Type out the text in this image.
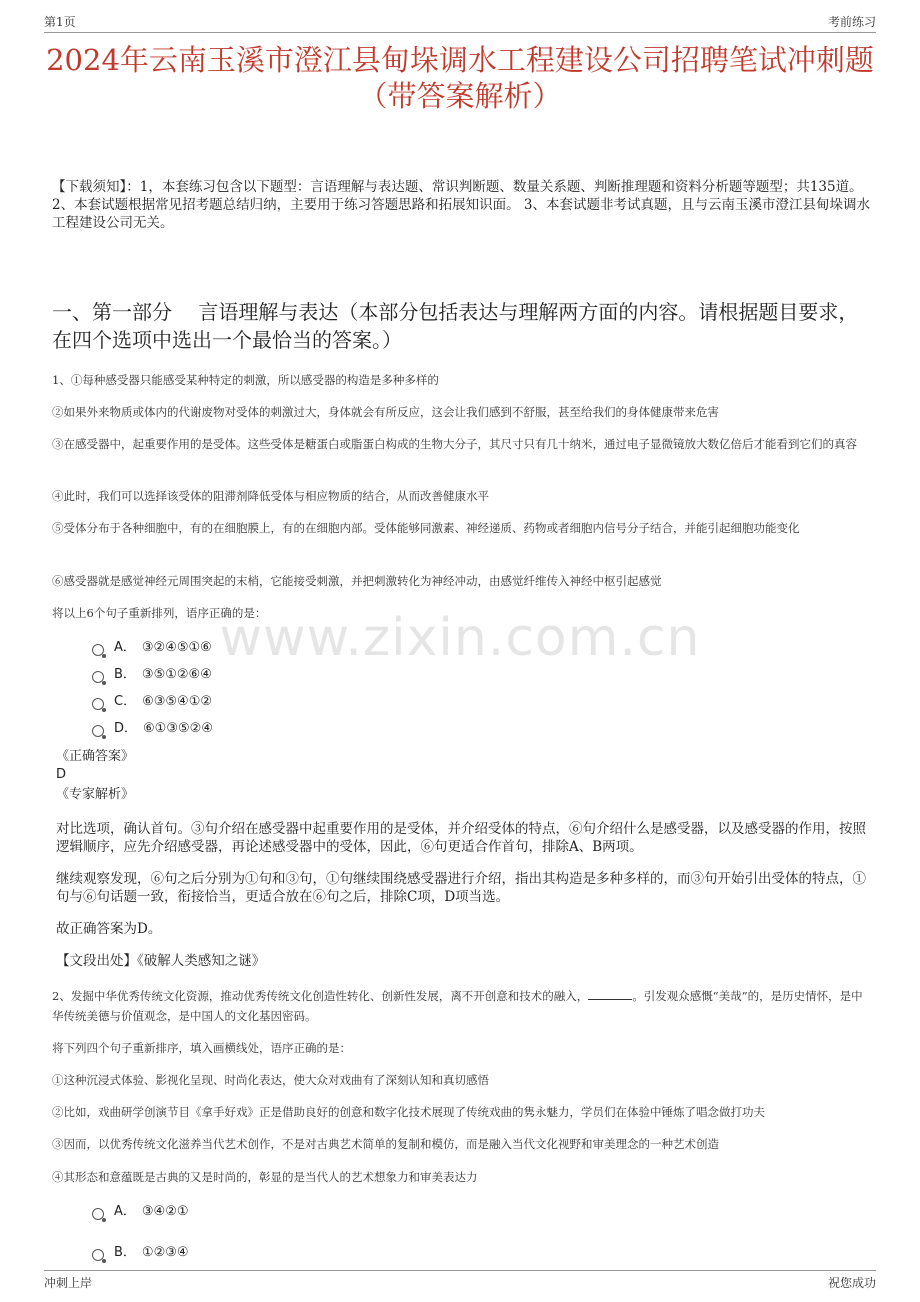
第1页	考前练习
2024年云南玉溪市澄江县甸垛调水工程建设公司招聘笔试冲刺题（带答案解析）
【下载须知】：1，本套练习包含以下题型：言语理解与表达题、常识判断题、数量关系题、判断推理题和资料分析题等题型；共135道。 2、本套试题根据常见招考题总结归纳，主要用于练习答题思路和拓展知识面。 3、本套试题非考试真题，且与云南玉溪市澄江县甸垛调水工程建设公司无关。
一、第一部分　 言语理解与表达（本部分包括表达与理解两方面的内容。请根据题目要求，在四个选项中选出一个最恰当的答案。）
www.zixin.com.cn
1、①每种感受器只能感受某种特定的刺激，所以感受器的构造是多种多样的
②如果外来物质或体内的代谢废物对受体的刺激过大，身体就会有所反应，这会让我们感到不舒服，甚至给我们的身体健康带来危害
③在感受器中，起重要作用的是受体。这些受体是糖蛋白或脂蛋白构成的生物大分子，其尺寸只有几十纳米，通过电子显微镜放大数亿倍后才能看到它们的真容
④此时，我们可以选择该受体的阻滞剂降低受体与相应物质的结合，从而改善健康水平
⑤受体分布于各种细胞中，有的在细胞膜上，有的在细胞内部。受体能够同激素、神经递质、药物或者细胞内信号分子结合，并能引起细胞功能变化
⑥感受器就是感觉神经元周围突起的末梢，它能接受刺激，并把刺激转化为神经冲动，由感觉纤维传入神经中枢引起感觉
将以上6个句子重新排列，语序正确的是：
A． ③②④⑤①⑥
B． ③⑤①②⑥④
C． ⑥③⑤④①②
D． ⑥①③⑤②④
《正确答案》
D
《专家解析》
对比选项，确认首句。③句介绍在感受器中起重要作用的是受体，并介绍受体的特点，⑥句介绍什么是感受器，以及感受器的作用，按照逻辑顺序，应先介绍感受器，再论述感受器中的受体，因此，⑥句更适合作首句，排除A、B两项。
继续观察发现，⑥句之后分别为①句和③句，①句继续围绕感受器进行介绍，指出其构造是多种多样的，而③句开始引出受体的特点，①句与⑥句话题一致，衔接恰当，更适合放在⑥句之后，排除C项，D项当选。
故正确答案为D。
【文段出处】《破解人类感知之谜》
2、发掘中华优秀传统文化资源，推动优秀传统文化创造性转化、创新性发展，离不开创意和技术的融入，	。引发观众感慨“美哉”的，是历史情怀，是中华传统美德与价值观念，是中国人的文化基因密码。
将下列四个句子重新排序，填入画横线处，语序正确的是：
①这种沉浸式体验、影视化呈现、时尚化表达，使大众对戏曲有了深刻认知和真切感悟
②比如，戏曲研学创演节目《拿手好戏》正是借助良好的创意和数字化技术展现了传统戏曲的隽永魅力，学员们在体验中锤炼了唱念做打功夫
③因而，以优秀传统文化滋养当代艺术创作，不是对古典艺术简单的复制和模仿，而是融入当代文化视野和审美理念的一种艺术创造
④其形态和意蕴既是古典的又是时尚的，彰显的是当代人的艺术想象力和审美表达力
A． ③④②①
B． ①②③④
冲刺上岸	祝您成功
